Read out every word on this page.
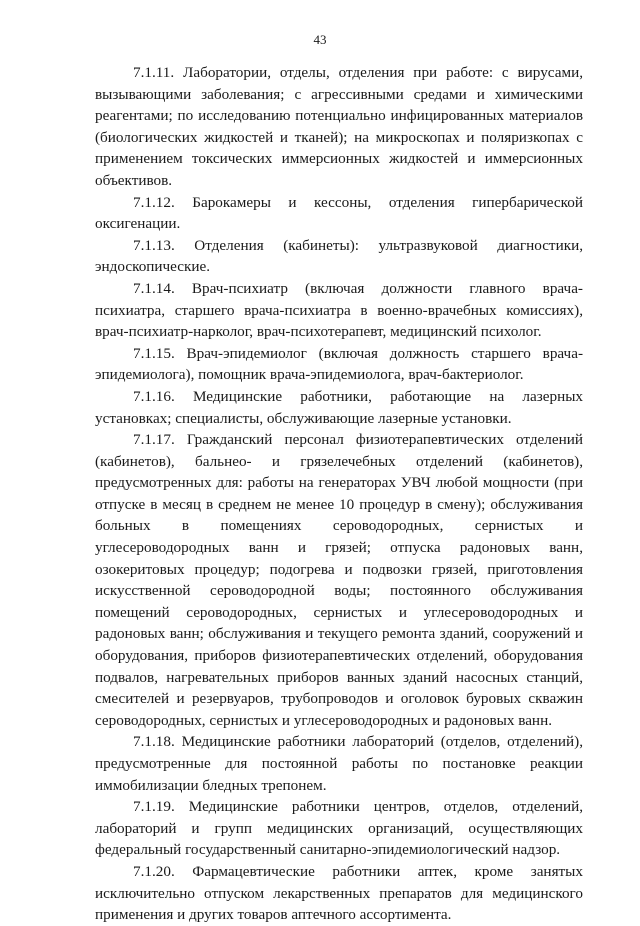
43

7.1.11. Лаборатории, отделы, отделения при работе: с вирусами, вызывающими заболевания; с агрессивными средами и химическими реагентами; по исследованию потенциально инфицированных материалов (биологических жидкостей и тканей); на микроскопах и поляризкопах с применением токсических иммерсионных жидкостей и иммерсионных объективов.

7.1.12. Барокамеры и кессоны, отделения гипербарической оксигенации.

7.1.13. Отделения (кабинеты): ультразвуковой диагностики, эндоскопические.

7.1.14. Врач-психиатр (включая должности главного врача-психиатра, старшего врача-психиатра в военно-врачебных комиссиях), врач-психиатр-нарколог, врач-психотерапевт, медицинский психолог.

7.1.15. Врач-эпидемиолог (включая должность старшего врача-эпидемиолога), помощник врача-эпидемиолога, врач-бактериолог.

7.1.16. Медицинские работники, работающие на лазерных установках; специалисты, обслуживающие лазерные установки.

7.1.17. Гражданский персонал физиотерапевтических отделений (кабинетов), бальнео- и грязелечебных отделений (кабинетов), предусмотренных для: работы на генераторах УВЧ любой мощности (при отпуске в месяц в среднем не менее 10 процедур в смену); обслуживания больных в помещениях сероводородных, сернистых и углесероводородных ванн и грязей; отпуска радоновых ванн, озокеритовых процедур; подогрева и подвозки грязей, приготовления искусственной сероводородной воды; постоянного обслуживания помещений сероводородных, сернистых и углесероводородных и радоновых ванн; обслуживания и текущего ремонта зданий, сооружений и оборудования, приборов физиотерапевтических отделений, оборудования подвалов, нагревательных приборов ванных зданий насосных станций, смесителей и резервуаров, трубопроводов и оголовок буровых скважин сероводородных, сернистых и углесероводородных и радоновых ванн.

7.1.18. Медицинские работники лабораторий (отделов, отделений), предусмотренные для постоянной работы по постановке реакции иммобилизации бледных трепонем.

7.1.19. Медицинские работники центров, отделов, отделений, лабораторий и групп медицинских организаций, осуществляющих федеральный государственный санитарно-эпидемиологический надзор.

7.1.20. Фармацевтические работники аптек, кроме занятых исключительно отпуском лекарственных препаратов для медицинского применения и других товаров аптечного ассортимента.
